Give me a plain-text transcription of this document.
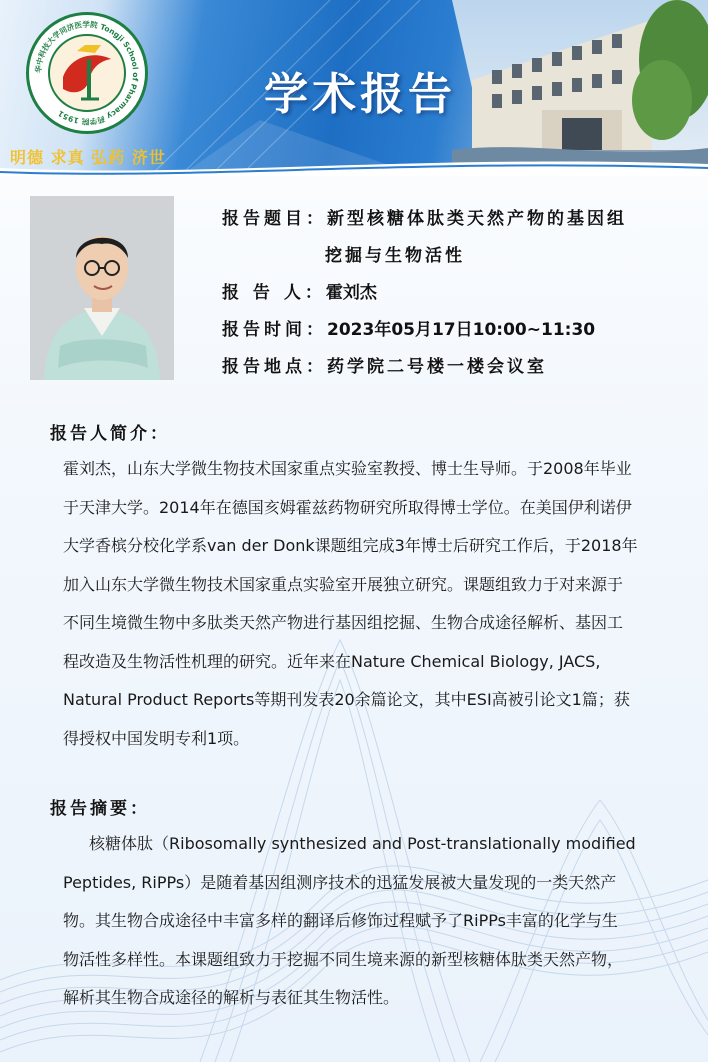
华中科技大学同济医学院 Tongji School of Pharmacy 药学院 1951
明德 求真 弘药 济世
学术报告
报告题目：新型核糖体肽类天然产物的基因组
挖掘与生物活性
报 告 人：霍刘杰
报告时间：2023年05月17日10:00~11:30
报告地点：药学院二号楼一楼会议室
报告人简介：
霍刘杰，山东大学微生物技术国家重点实验室教授、博士生导师。于2008年毕业
于天津大学。2014年在德国亥姆霍兹药物研究所取得博士学位。在美国伊利诺伊
大学香槟分校化学系van der Donk课题组完成3年博士后研究工作后，于2018年
加入山东大学微生物技术国家重点实验室开展独立研究。课题组致力于对来源于
不同生境微生物中多肽类天然产物进行基因组挖掘、生物合成途径解析、基因工
程改造及生物活性机理的研究。近年来在Nature Chemical Biology, JACS,
Natural Product Reports等期刊发表20余篇论文，其中ESI高被引论文1篇；获
得授权中国发明专利1项。
报告摘要：
核糖体肽（Ribosomally synthesized and Post-translationally modified
Peptides, RiPPs）是随着基因组测序技术的迅猛发展被大量发现的一类天然产
物。其生物合成途径中丰富多样的翻译后修饰过程赋予了RiPPs丰富的化学与生
物活性多样性。本课题组致力于挖掘不同生境来源的新型核糖体肽类天然产物，
解析其生物合成途径的解析与表征其生物活性。
